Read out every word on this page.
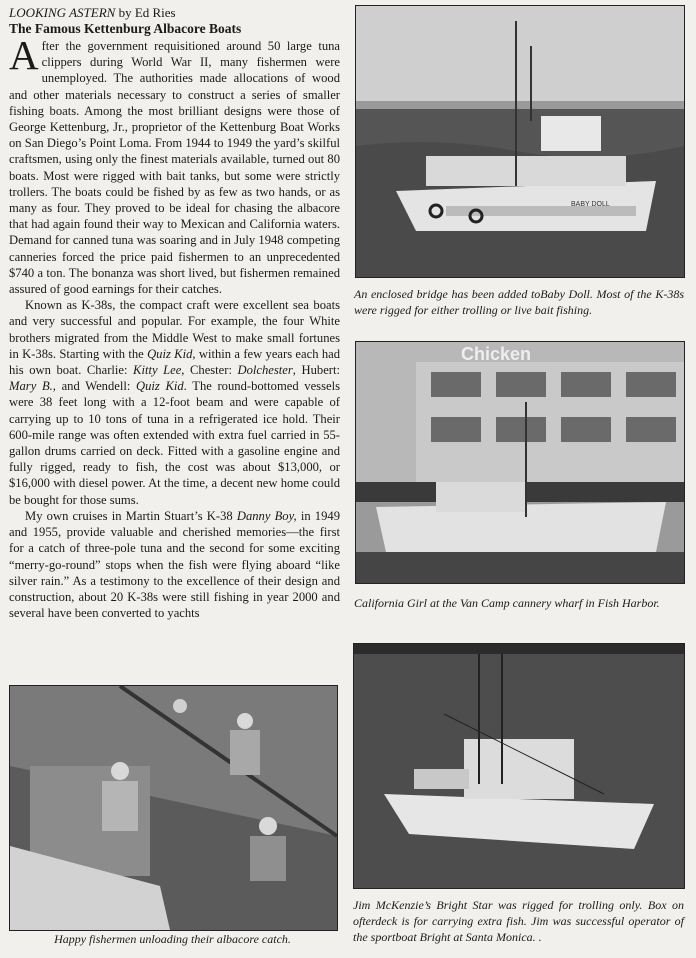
LOOKING ASTERN by Ed Ries
The Famous Kettenburg Albacore Boats

After the government requisitioned around 50 large tuna clippers during World War II, many fishermen were unemployed. The authorities made allocations of wood and other materials necessary to construct a series of smaller fishing boats. Among the most brilliant designs were those of George Kettenburg, Jr., proprietor of the Kettenburg Boat Works on San Diego’s Point Loma. From 1944 to 1949 the yard’s skilful craftsmen, using only the finest materials available, turned out 80 boats. Most were rigged with bait tanks, but some were strictly trollers. The boats could be fished by as few as two hands, or as many as four. They proved to be ideal for chasing the albacore that had again found their way to Mexican and California waters. Demand for canned tuna was soaring and in July 1948 competing canneries forced the price paid fishermen to an unprecedented $740 a ton. The bonanza was short lived, but fishermen remained assured of good earnings for their catches.

Known as K-38s, the compact craft were excellent sea boats and very successful and popular. For example, the four White brothers migrated from the Middle West to make small fortunes in K-38s. Starting with the Quiz Kid, within a few years each had his own boat. Charlie: Kitty Lee, Chester: Dolchester, Hubert: Mary B., and Wendell: Quiz Kid. The round-bottomed vessels were 38 feet long with a 12-foot beam and were capable of carrying up to 10 tons of tuna in a refrigerated ice hold. Their 600-mile range was often extended with extra fuel carried in 55-gallon drums carried on deck. Fitted with a gasoline engine and fully rigged, ready to fish, the cost was about $13,000, or $16,000 with diesel power. At the time, a decent new home could be bought for those sums.

My own cruises in Martin Stuart’s K-38 Danny Boy, in 1949 and 1955, provide valuable and cherished memories—the first for a catch of three-pole tuna and the second for some exciting “merry-go-round” stops when the fish were flying aboard “like silver rain.” As a testimony to the excellence of their design and construction, about 20 K-38s were still fishing in year 2000 and several have been converted to yachts

BABY DOLL
An enclosed bridge has been added toBaby Doll. Most of the K-38s were rigged for either trolling or live bait fishing.
Chicken
California Girl at the Van Camp cannery wharf in Fish Harbor.
Jim McKenzie’s Bright Star was rigged for trolling only. Box on ofterdeck is for carrying extra fish. Jim was successful operator of the sportboat Bright at Santa Monica. .
Happy fishermen unloading their albacore catch.
